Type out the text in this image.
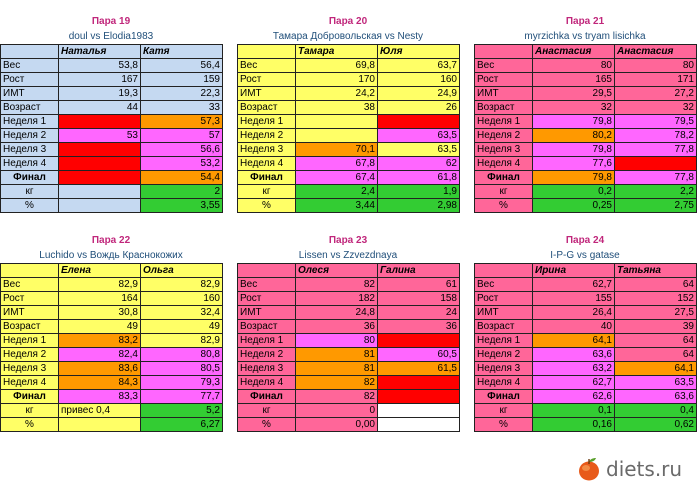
Пара 19
doul vs Elodia1983
	Наталья	Катя
Вес	53,8	56,4
Рост	167	159
ИМТ	19,3	22,3
Возраст	44	33
Неделя 1		57,3
Неделя 2	53	57
Неделя 3		56,6
Неделя 4		53,2
Финал		54,4
кг		2
%		3,55
Пара 20
Тамара Добровольская vs Nesty
	Тамара	Юля
Вес	69,8	63,7
Рост	170	160
ИМТ	24,2	24,9
Возраст	38	26
Неделя 1		
Неделя 2		63,5
Неделя 3	70,1	63,5
Неделя 4	67,8	62
Финал	67,4	61,8
кг	2,4	1,9
%	3,44	2,98
Пара 21
myrzichka vs tryam lisichka
	Анастасия	Анастасия
Вес	80	80
Рост	165	171
ИМТ	29,5	27,2
Возраст	32	32
Неделя 1	79,8	79,5
Неделя 2	80,2	78,2
Неделя 3	79,8	77,8
Неделя 4	77,6	
Финал	79,8	77,8
кг	0,2	2,2
%	0,25	2,75
Пара 22
Luchido vs Вождь Краснокожих
	Елена	Ольга
Вес	82,9	82,9
Рост	164	160
ИМТ	30,8	32,4
Возраст	49	49
Неделя 1	83,2	82,9
Неделя 2	82,4	80,8
Неделя 3	83,6	80,5
Неделя 4	84,3	79,3
Финал	83,3	77,7
кг	привес 0,4	5,2
%		6,27
Пара 23
Lissen vs Zzvezdnaya
	Олеся	Галина
Вес	82	61
Рост	182	158
ИМТ	24,8	24
Возраст	36	36
Неделя 1	80	
Неделя 2	81	60,5
Неделя 3	81	61,5
Неделя 4	82	
Финал	82	
кг	0	
%	0,00	
Пара 24
I-P-G vs gatase
	Ирина	Татьяна
Вес	62,7	64
Рост	155	152
ИМТ	26,4	27,5
Возраст	40	39
Неделя 1	64,1	64
Неделя 2	63,6	64
Неделя 3	63,2	64,1
Неделя 4	62,7	63,5
Финал	62,6	63,6
кг	0,1	0,4
%	0,16	0,62
diets.ru
